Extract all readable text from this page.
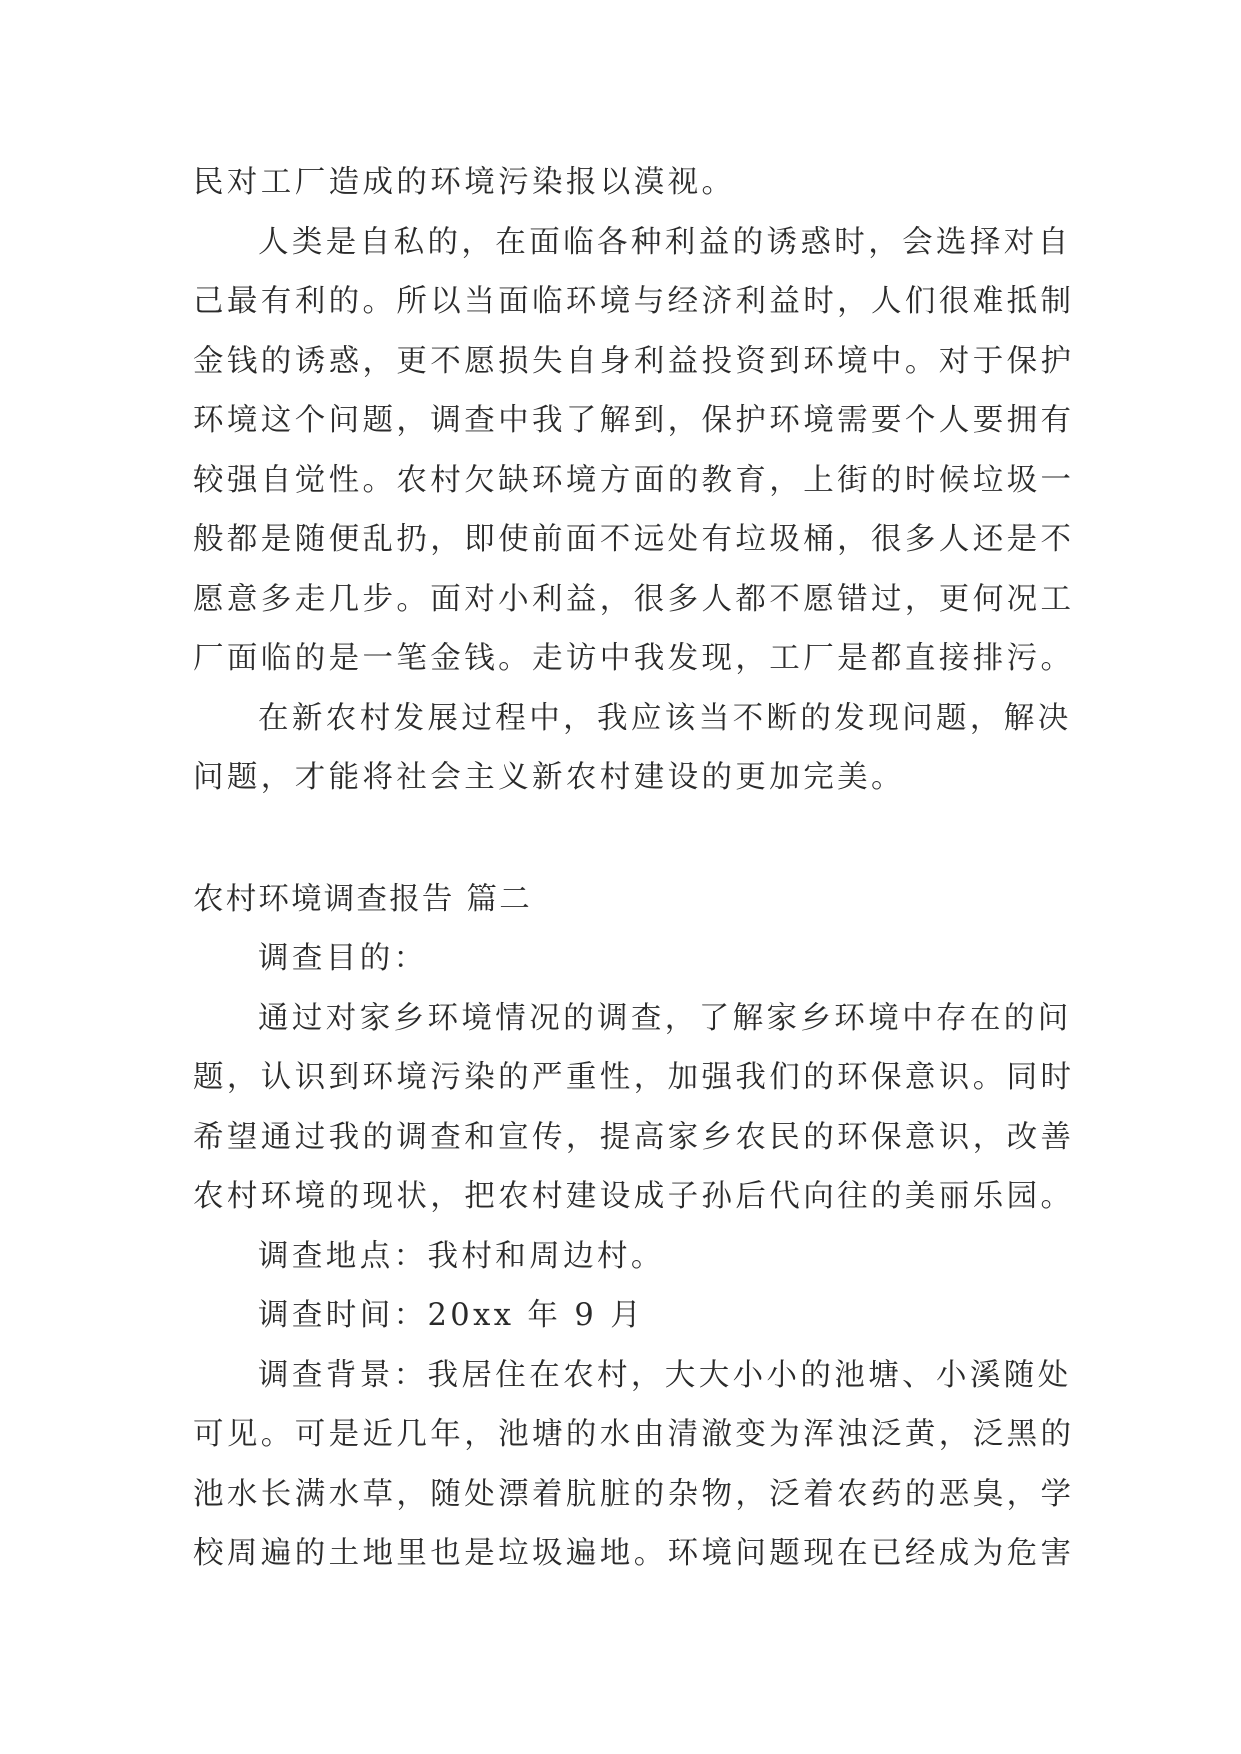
民对工厂造成的环境污染报以漠视。
人类是自私的，在面临各种利益的诱惑时，会选择对自
己最有利的。所以当面临环境与经济利益时，人们很难抵制
金钱的诱惑，更不愿损失自身利益投资到环境中。对于保护
环境这个问题，调查中我了解到，保护环境需要个人要拥有
较强自觉性。农村欠缺环境方面的教育，上街的时候垃圾一
般都是随便乱扔，即使前面不远处有垃圾桶，很多人还是不
愿意多走几步。面对小利益，很多人都不愿错过，更何况工
厂面临的是一笔金钱。走访中我发现，工厂是都直接排污。
在新农村发展过程中，我应该当不断的发现问题，解决
问题，才能将社会主义新农村建设的更加完美。
农村环境调查报告 篇二
调查目的：
通过对家乡环境情况的调查，了解家乡环境中存在的问
题，认识到环境污染的严重性，加强我们的环保意识。同时
希望通过我的调查和宣传，提高家乡农民的环保意识，改善
农村环境的现状，把农村建设成子孙后代向往的美丽乐园。
调查地点：我村和周边村。
调查时间：20xx 年 9 月
调查背景：我居住在农村，大大小小的池塘、小溪随处
可见。可是近几年，池塘的水由清澈变为浑浊泛黄，泛黑的
池水长满水草，随处漂着肮脏的杂物，泛着农药的恶臭，学
校周遍的土地里也是垃圾遍地。环境问题现在已经成为危害
